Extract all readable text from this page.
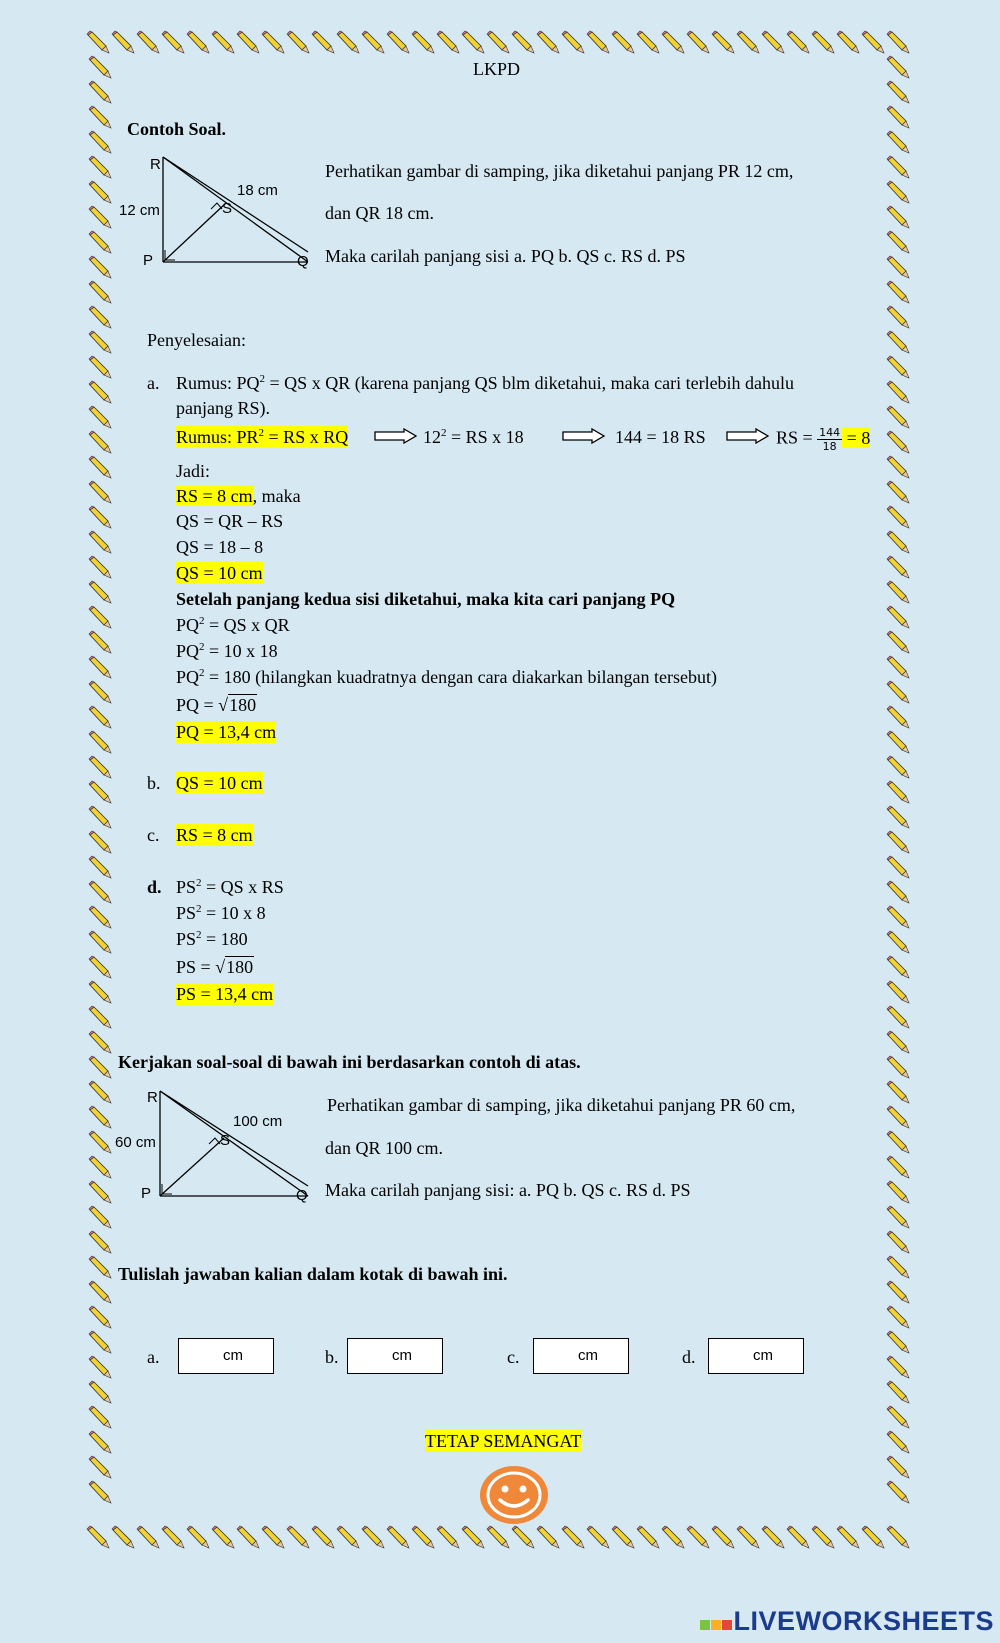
LKPD
Contoh Soal.
R
18 cm
12 cm	S
P	Q
Perhatikan gambar di samping, jika diketahui panjang PR 12 cm,
dan QR 18 cm.
Maka carilah panjang sisi a. PQ b. QS c. RS d. PS
Penyelesaian:
a. Rumus: $PQ^2$ = QS x QR (karena panjang QS blm diketahui, maka cari terlebih dahulu
panjang RS).
Rumus: $PR^2$ = RS x RQ	$12^2$ = RS x 18	144 = 18 RS	RS = $\frac{144}{18} = 8$
Jadi:
RS = 8 cm, maka
QS = QR – RS
QS = 18 – 8
QS = 10 cm
Setelah panjang kedua sisi diketahui, maka kita cari panjang PQ
$PQ^2$ = QS x QR
$PQ^2 = 10$ x 18
$PQ^2 = 180$ (hilangkan kuadratnya dengan cara diakarkan bilangan tersebut)
PQ = √180
PQ = 13,4 cm
b. QS = 10 cm
c. RS = 8 cm
d. $PS^2$ = QS x RS
$PS^2 = 10$ x 8
$PS^2 = 180$
PS = √180
PS = 13,4 cm
Kerjakan soal-soal di bawah ini berdasarkan contoh di atas.
R
100 cm
60 cm	S
P	Q
Perhatikan gambar di samping, jika diketahui panjang PR 60 cm,
dan QR 100 cm.
Maka carilah panjang sisi: a. PQ b. QS c. RS d. PS
Tulislah jawaban kalian dalam kotak di bawah ini.
a.	cm	b.	cm	c.	cm	d.	cm
TETAP SEMANGAT
LIVEWORKSHEETS
